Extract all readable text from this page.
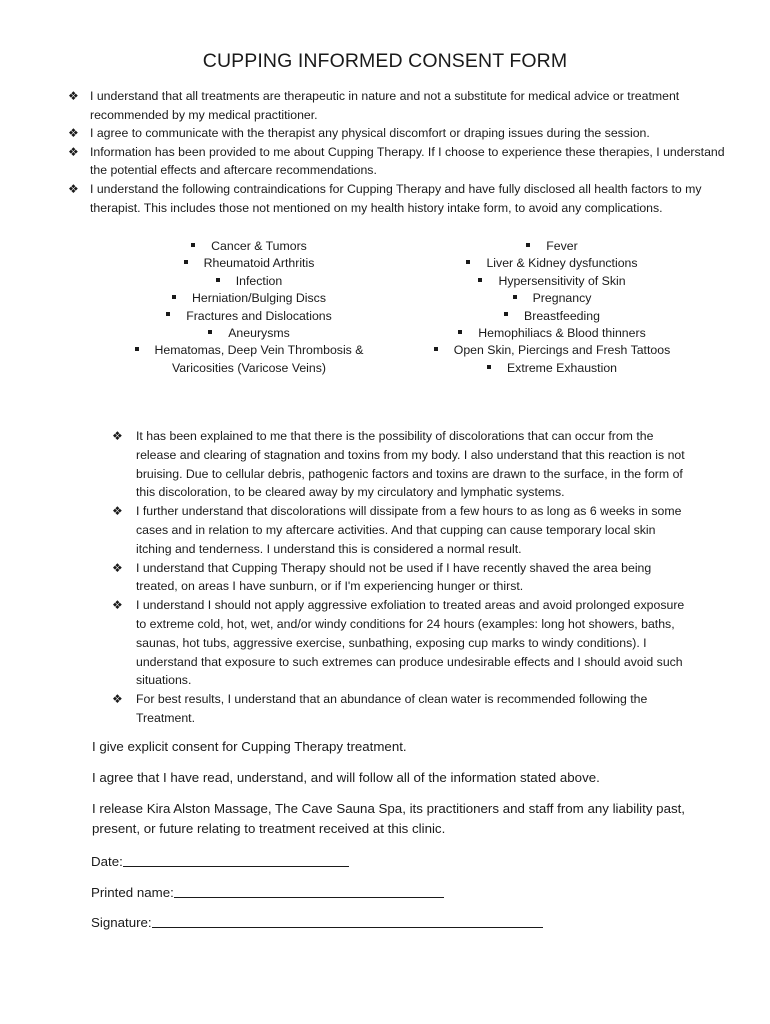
CUPPING INFORMED CONSENT FORM
❖ I understand that all treatments are therapeutic in nature and not a substitute for medical advice or treatment recommended by my medical practitioner.
❖ I agree to communicate with the therapist any physical discomfort or draping issues during the session.
❖ Information has been provided to me about Cupping Therapy. If I choose to experience these therapies, I understand the potential effects and aftercare recommendations.
❖ I understand the following contraindications for Cupping Therapy and have fully disclosed all health factors to my therapist. This includes those not mentioned on my health history intake form, to avoid any complications.
Cancer & Tumors
Rheumatoid Arthritis
Infection
Herniation/Bulging Discs
Fractures and Dislocations
Aneurysms
Hematomas, Deep Vein Thrombosis & Varicosities (Varicose Veins)
Fever
Liver & Kidney dysfunctions
Hypersensitivity of Skin
Pregnancy
Breastfeeding
Hemophiliacs & Blood thinners
Open Skin, Piercings and Fresh Tattoos
Extreme Exhaustion
❖ It has been explained to me that there is the possibility of discolorations that can occur from the release and clearing of stagnation and toxins from my body. I also understand that this reaction is not bruising. Due to cellular debris, pathogenic factors and toxins are drawn to the surface, in the form of this discoloration, to be cleared away by my circulatory and lymphatic systems.
❖ I further understand that discolorations will dissipate from a few hours to as long as 6 weeks in some cases and in relation to my aftercare activities. And that cupping can cause temporary local skin itching and tenderness. I understand this is considered a normal result.
❖ I understand that Cupping Therapy should not be used if I have recently shaved the area being treated, on areas I have sunburn, or if I'm experiencing hunger or thirst.
❖ I understand I should not apply aggressive exfoliation to treated areas and avoid prolonged exposure to extreme cold, hot, wet, and/or windy conditions for 24 hours (examples: long hot showers, baths, saunas, hot tubs, aggressive exercise, sunbathing, exposing cup marks to windy conditions). I understand that exposure to such extremes can produce undesirable effects and I should avoid such situations.
❖ For best results, I understand that an abundance of clean water is recommended following the Treatment.

I give explicit consent for Cupping Therapy treatment.

I agree that I have read, understand, and will follow all of the information stated above.

I release Kira Alston Massage, The Cave Sauna Spa, its practitioners and staff from any liability past, present, or future relating to treatment received at this clinic.

Date:
Printed name:
Signature:
